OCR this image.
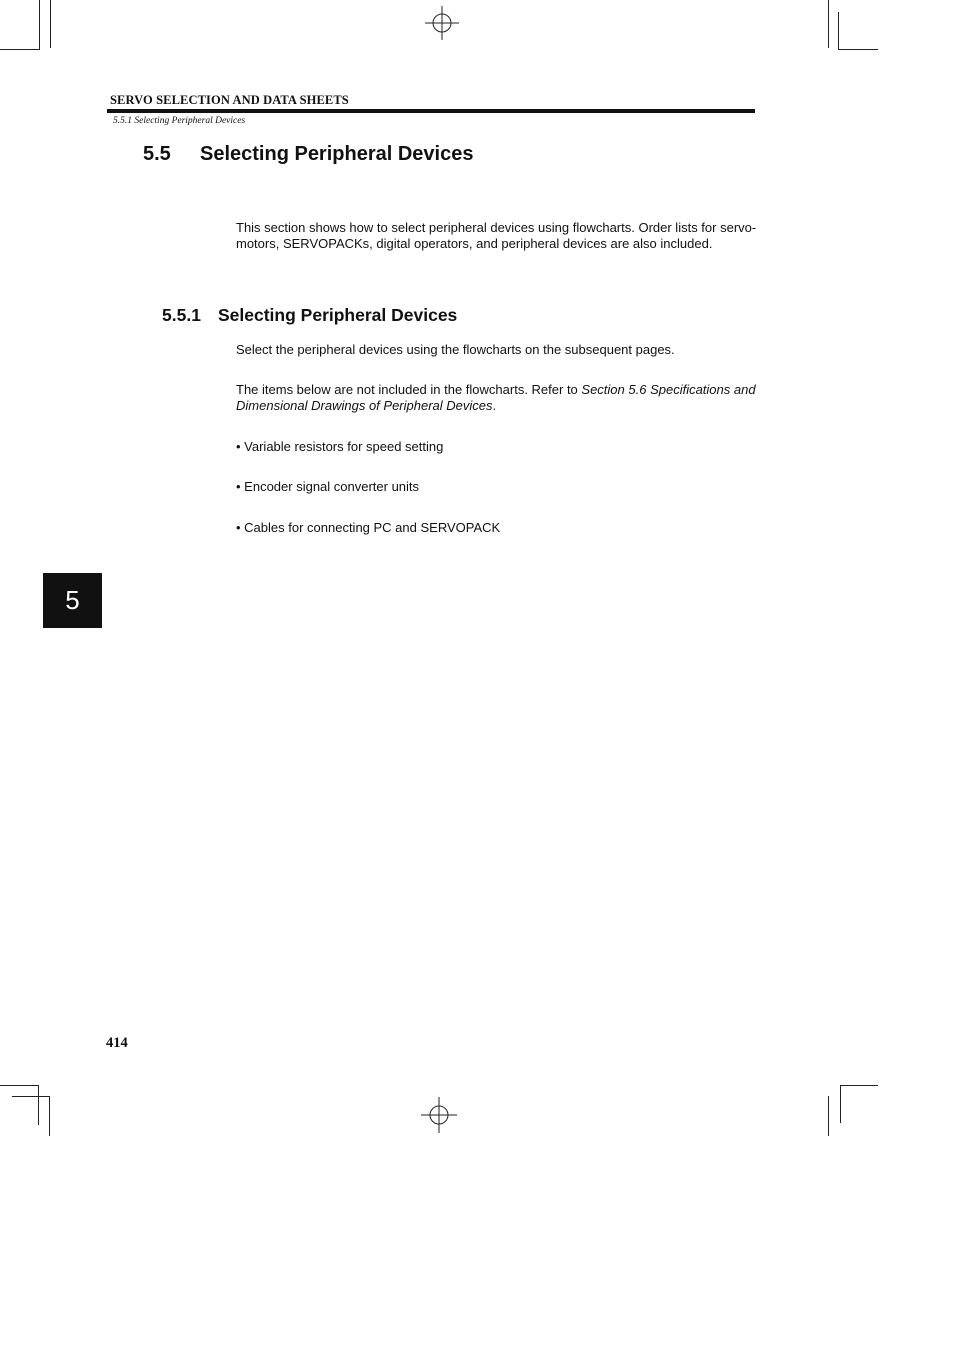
SERVO SELECTION AND DATA SHEETS
5.5.1 Selecting Peripheral Devices
5.5 Selecting Peripheral Devices
This section shows how to select peripheral devices using flowcharts. Order lists for servo-motors, SERVOPACKs, digital operators, and peripheral devices are also included.
5.5.1 Selecting Peripheral Devices
Select the peripheral devices using the flowcharts on the subsequent pages.
The items below are not included in the flowcharts. Refer to Section 5.6 Specifications and Dimensional Drawings of Peripheral Devices.
• Variable resistors for speed setting
• Encoder signal converter units
• Cables for connecting PC and SERVOPACK
5
414
